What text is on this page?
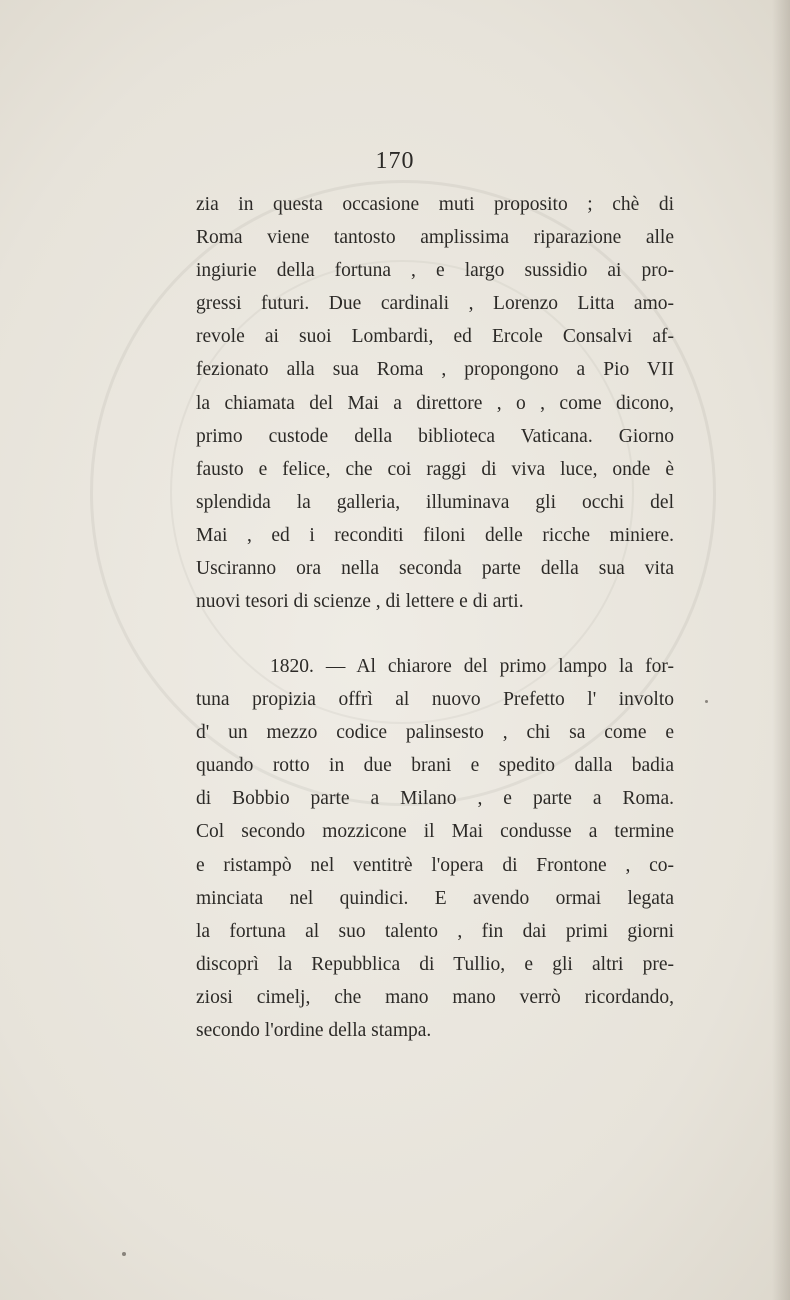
170
zia in questa occasione muti proposito ; chè di
Roma viene tantosto amplissima riparazione alle
ingiurie della fortuna , e largo sussidio ai pro-
gressi futuri. Due cardinali , Lorenzo Litta amo-
revole ai suoi Lombardi, ed Ercole Consalvi af-
fezionato alla sua Roma , propongono a Pio VII
la chiamata del Mai a direttore , o , come dicono,
primo custode della biblioteca Vaticana. Giorno
fausto e felice, che coi raggi di viva luce, onde è
splendida la galleria, illuminava gli occhi del
Mai , ed i reconditi filoni delle ricche miniere.
Usciranno ora nella seconda parte della sua vita
nuovi tesori di scienze , di lettere e di arti.
1820. — Al chiarore del primo lampo la for-
tuna propizia offrì al nuovo Prefetto l' involto
d' un mezzo codice palinsesto , chi sa come e
quando rotto in due brani e spedito dalla badia
di Bobbio parte a Milano , e parte a Roma.
Col secondo mozzicone il Mai condusse a termine
e ristampò nel ventitrè l'opera di Frontone , co-
minciata nel quindici. E avendo ormai legata
la fortuna al suo talento , fin dai primi giorni
discoprì la Repubblica di Tullio, e gli altri pre-
ziosi cimelj, che mano mano verrò ricordando,
secondo l'ordine della stampa.
